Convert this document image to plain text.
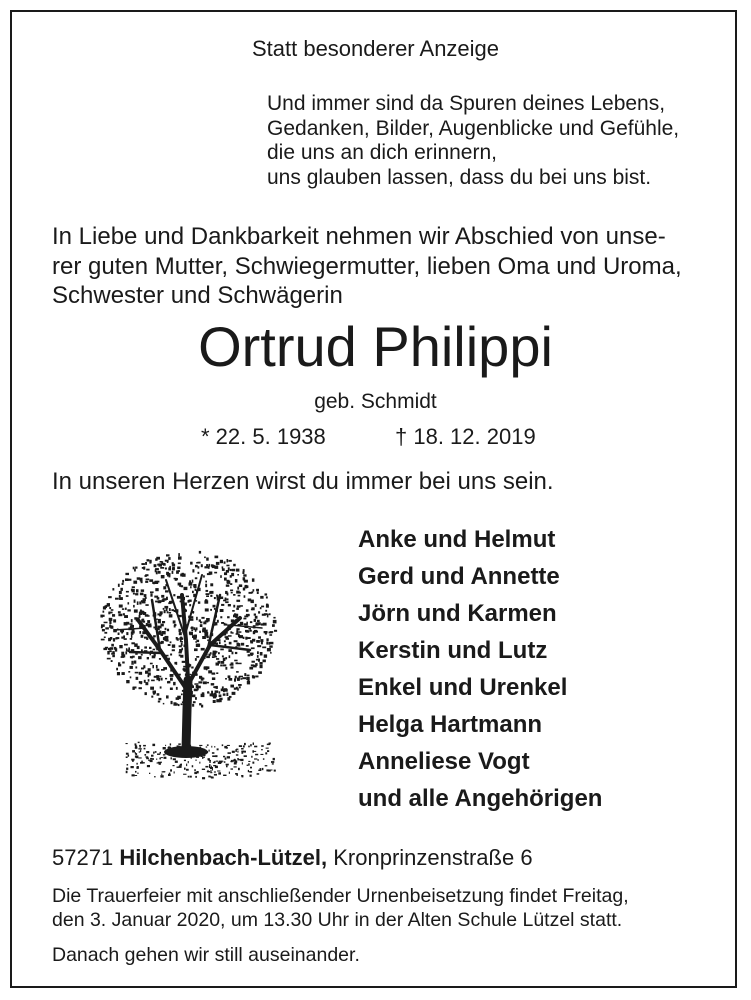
Statt besonderer Anzeige
Und immer sind da Spuren deines Lebens,
Gedanken, Bilder, Augenblicke und Gefühle,
die uns an dich erinnern,
uns glauben lassen, dass du bei uns bist.
In Liebe und Dankbarkeit nehmen wir Abschied von unse-
rer guten Mutter, Schwiegermutter, lieben Oma und Uroma,
Schwester und Schwägerin
Ortrud Philippi
geb. Schmidt
* 22. 5. 1938	† 18. 12. 2019
In unseren Herzen wirst du immer bei uns sein.
Anke und Helmut
Gerd und Annette
Jörn und Karmen
Kerstin und Lutz
Enkel und Urenkel
Helga Hartmann
Anneliese Vogt
und alle Angehörigen
57271 Hilchenbach-Lützel, Kronprinzenstraße 6
Die Trauerfeier mit anschließender Urnenbeisetzung findet Freitag,
den 3. Januar 2020, um 13.30 Uhr in der Alten Schule Lützel statt.
Danach gehen wir still auseinander.
